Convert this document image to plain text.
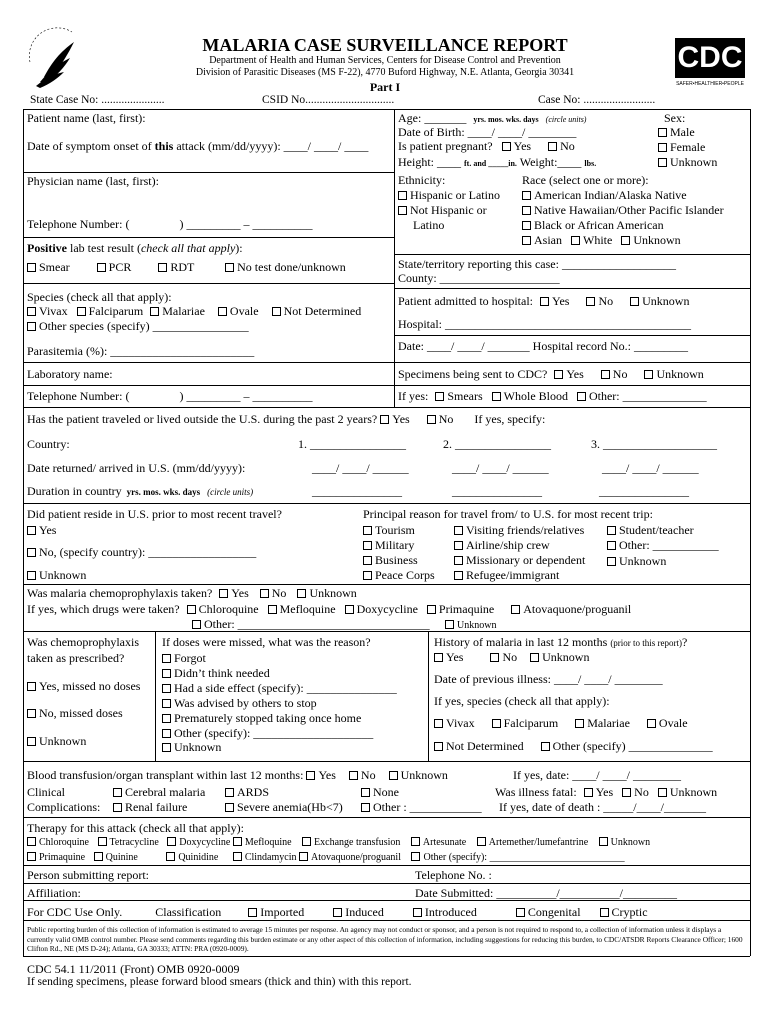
MALARIA CASE SURVEILLANCE REPORT
Department of Health and Human Services, Centers for Disease Control and Prevention
Division of Parasitic Diseases (MS F-22), 4770 Buford Highway, N.E. Atlanta, Georgia 30341
Part I
CDC
SAFER•HEALTHIER•PEOPLE
State Case No: ......................	CSID No...............................	Case No: .........................
Patient name (last, first):
Date of symptom onset of this attack (mm/dd/yyyy): ____/ ____/ ____
Physician name (last, first):
Telephone Number: (	) _________ – __________
Age: _______ yrs. mos. wks. days (circle units)
Date of Birth: ____/ ____/ ________
Is patient pregnant? Yes No
Height: ____ ft. and _____in. Weight:____ lbs.
Sex:
Male
Female
Unknown
Ethnicity:
Hispanic or Latino
Not Hispanic or
Latino
Race (select one or more):
American Indian/Alaska Native
Native Hawaiian/Other Pacific Islander
Black or African American
Asian White Unknown
Positive lab test result (check all that apply):
Smear	PCR	RDT	No test done/unknown
Species (check all that apply):
Vivax Falciparum Malariae Ovale Not Determined
Other species (specify) ________________
Parasitemia (%): ________________________
State/territory reporting this case: ___________________
County: ____________________
Patient admitted to hospital: Yes No Unknown
Hospital: _________________________________________
Date: ____/ ____/ _______ Hospital record No.: _________
Laboratory name:	Specimens being sent to CDC? Yes No Unknown
Telephone Number: (	) _________ – __________	If yes: Smears Whole Blood Other: ______________
Has the patient traveled or lived outside the U.S. during the past 2 years? Yes No If yes, specify:
Country:	1. ________________	2. ________________	3. ___________________
Date returned/ arrived in U.S. (mm/dd/yyyy):	____/ ____/ ______	____/ ____/ ______	____/ ____/ ______
Duration in country yrs. mos. wks. days (circle units)	_______________	_______________	_______________
Did patient reside in U.S. prior to most recent travel?
Yes
No, (specify country): __________________
Unknown
Principal reason for travel from/ to U.S. for most recent trip:
Tourism
Military
Business
Peace Corps
Visiting friends/relatives
Airline/ship crew
Missionary or dependent
Refugee/immigrant
Student/teacher
Other: ___________
Unknown
Was malaria chemoprophylaxis taken? Yes No Unknown
If yes, which drugs were taken? Chloroquine Mefloquine Doxycycline Primaquine Atovaquone/proguanil
Other: ________________________________	Unknown
Was chemoprophylaxis
taken as prescribed?
Yes, missed no doses
No, missed doses
Unknown
If doses were missed, what was the reason?
Forgot
Didn’t think needed
Had a side effect (specify): _______________
Was advised by others to stop
Prematurely stopped taking once home
Other (specify): ____________________
Unknown
History of malaria in last 12 months (prior to this report)?
Yes	No Unknown
Date of previous illness: ____/ ____/ ________
If yes, species (check all that apply):
Vivax Falciparum Malariae Ovale
Not Determined Other (specify) ______________
Blood transfusion/organ transplant within last 12 months: Yes No Unknown	If yes, date: ____/ ____/ ________
Clinical
Complications:
Cerebral malaria
Renal failure
ARDS
Severe anemia(Hb<7)
None
Other : ____________
Was illness fatal: Yes No Unknown
If yes, date of death : _____/____/_______
Therapy for this attack (check all that apply):
Chloroquine Tetracycline Doxycycline Mefloquine Exchange transfusion Artesunate Artemether/lumefantrine Unknown
Primaquine Quinine	Quinidine	Clindamycin Atovaquone/proguanil Other (specify): ___________________________
Person submitting report:	Telephone No. :
Affiliation:	Date Submitted: __________/__________/_________
For CDC Use Only.	Classification	Imported	Induced	Introduced	Congenital	Cryptic
Public reporting burden of this collection of information is estimated to average 15 minutes per response. An agency may not conduct or sponsor, and a person is not required to respond to, a collection of information unless it displays a currently valid OMB control number. Please send comments regarding this burden estimate or any other aspect of this collection of information, including suggestions for reducing this burden, to CDC/ATSDR Reports Clearance Officer; 1600 Clifton Rd., NE (MS D-24); Atlanta, GA 30333; ATTN: PRA (0920-0009).
CDC 54.1 11/2011 (Front) OMB 0920-0009
If sending specimens, please forward blood smears (thick and thin) with this report.
